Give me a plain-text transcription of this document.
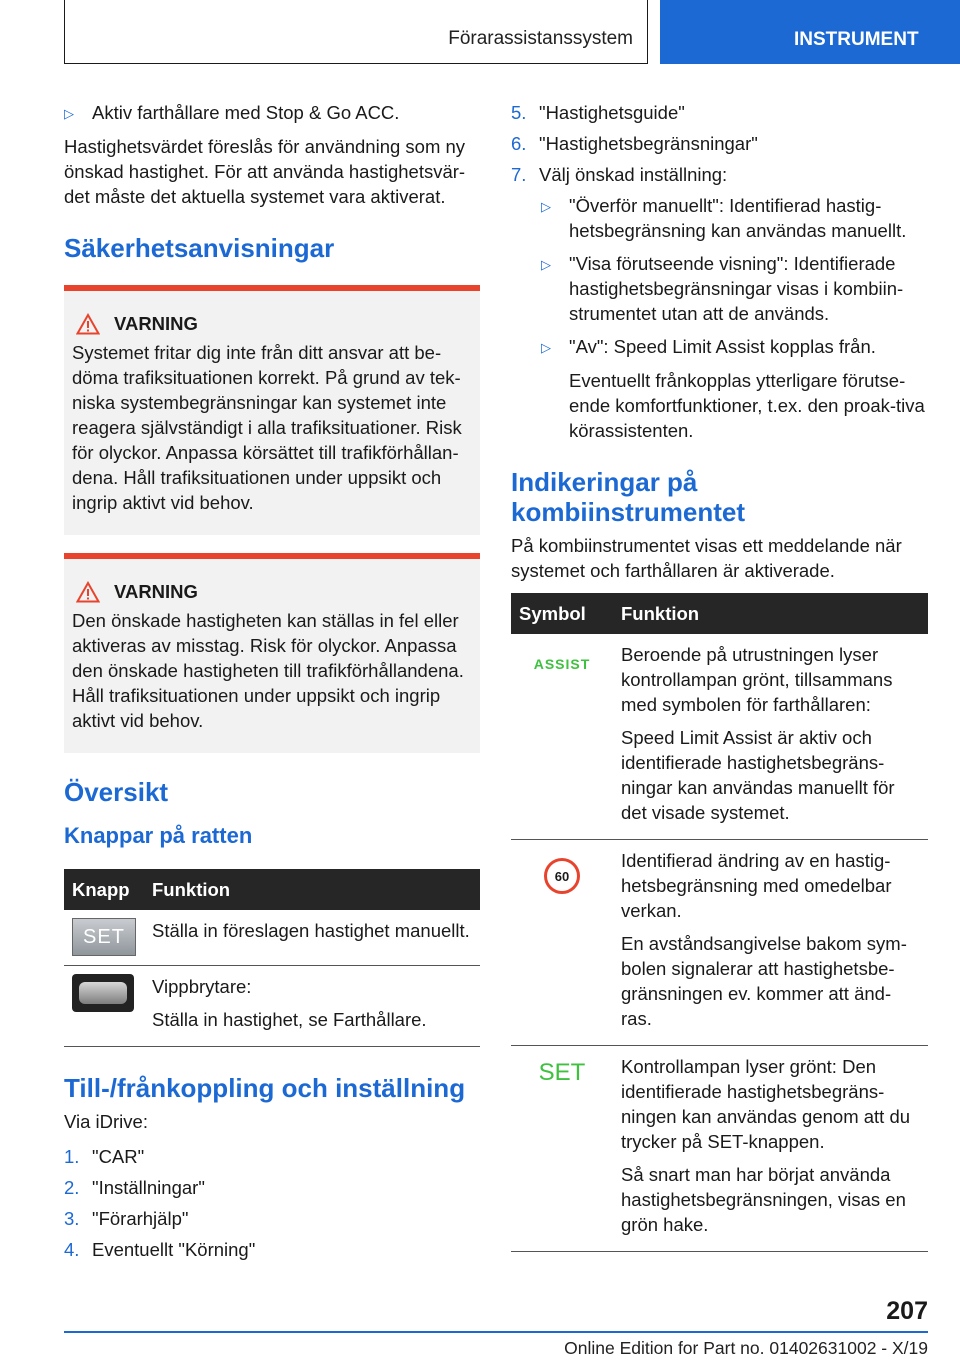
Förarassistanssystem	INSTRUMENT
▷ Aktiv farthållare med Stop & Go ACC.

Hastighetsvärdet föreslås för användning som ny önskad hastighet. För att använda hastighetsvär-det måste det aktuella systemet vara aktiverat.

Säkerhetsanvisningar
VARNING
Systemet fritar dig inte från ditt ansvar att be-döma trafiksituationen korrekt. På grund av tek-niska systembegränsningar kan systemet inte reagera självständigt i alla trafiksituationer. Risk för olyckor. Anpassa körsättet till trafikförhållan-dena. Håll trafiksituationen under uppsikt och ingrip aktivt vid behov.
VARNING
Den önskade hastigheten kan ställas in fel eller aktiveras av misstag. Risk för olyckor. Anpassa den önskade hastigheten till trafikförhållandena. Håll trafiksituationen under uppsikt och ingrip aktivt vid behov.
Översikt
Knappar på ratten
Knapp	Funktion

SET	Ställa in föreslagen hastighet manuellt.

	Vippbrytare:

Ställa in hastighet, se Farthållare.

Till-/frånkoppling och inställning

Via iDrive:

1. "CAR"
2. "Inställningar"
3. "Förarhjälp"
4. Eventuellt "Körning"
5. "Hastighetsguide"
6. "Hastighetsbegränsningar"
7. Välj önskad inställning:
▷ "Överför manuellt": Identifierad hastig-hetsbegränsning kan användas manuellt.
▷ "Visa förutseende visning": Identifierade hastighetsbegränsningar visas i kombiin-strumentet utan att de används.
▷ "Av": Speed Limit Assist kopplas från.

Eventuellt frånkopplas ytterligare förutse-ende komfortfunktioner, t.ex. den proak-tiva körassistenten.

Indikeringar på kombiinstrumentet

På kombiinstrumentet visas ett meddelande när systemet och farthållaren är aktiverade.

Symbol	Funktion

ASSIST	Beroende på utrustningen lyser kontrollampan grönt, tillsammans med symbolen för farthållaren:

Speed Limit Assist är aktiv och identifierade hastighetsbegräns-ningar kan användas manuellt för det visade systemet.

60	Identifierad ändring av en hastig-hetsbegränsning med omedelbar verkan.

En avståndsangivelse bakom sym-bolen signalerar att hastighetsbe-gränsningen ev. kommer att änd-ras.

SET	Kontrollampan lyser grönt: Den identifierade hastighetsbegräns-ningen kan användas genom att du trycker på SET-knappen.

Så snart man har börjat använda hastighetsbegränsningen, visas en grön hake.

207
Online Edition for Part no. 01402631002 - X/19
